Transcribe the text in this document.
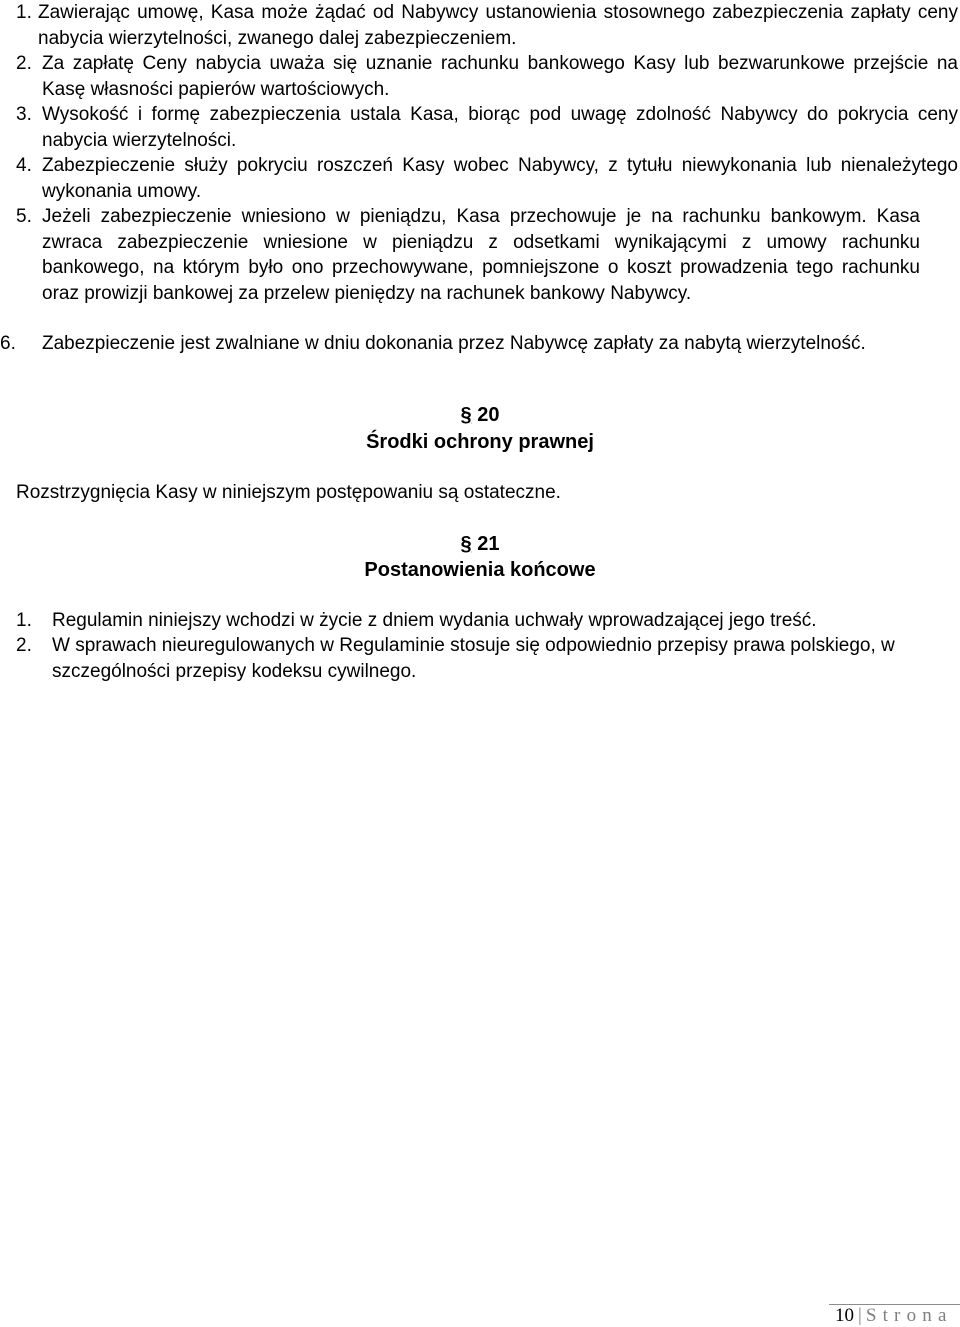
1. Zawierając umowę, Kasa może żądać od Nabywcy ustanowienia stosownego zabezpieczenia zapłaty ceny nabycia wierzytelności, zwanego dalej zabezpieczeniem.
2. Za zapłatę Ceny nabycia uważa się uznanie rachunku bankowego Kasy lub bezwarunkowe przejście na Kasę własności papierów wartościowych.
3. Wysokość i formę zabezpieczenia ustala Kasa, biorąc pod uwagę zdolność Nabywcy do pokrycia ceny nabycia wierzytelności.
4. Zabezpieczenie służy pokryciu roszczeń Kasy wobec Nabywcy, z tytułu niewykonania lub nienależytego wykonania umowy.
5. Jeżeli zabezpieczenie wniesiono w pieniądzu, Kasa przechowuje je na rachunku bankowym. Kasa zwraca zabezpieczenie wniesione w pieniądzu z odsetkami wynikającymi z umowy rachunku bankowego, na którym było ono przechowywane, pomniejszone o koszt prowadzenia tego rachunku oraz prowizji bankowej za przelew pieniędzy na rachunek bankowy Nabywcy.
6. Zabezpieczenie jest zwalniane w dniu dokonania przez Nabywcę zapłaty za nabytą wierzytelność.
§ 20
Środki ochrony prawnej
Rozstrzygnięcia Kasy w niniejszym postępowaniu są ostateczne.
§ 21
Postanowienia końcowe
1. Regulamin niniejszy wchodzi w życie z dniem wydania uchwały wprowadzającej jego treść.
2. W sprawach nieuregulowanych w Regulaminie stosuje się odpowiednio przepisy prawa polskiego, w szczególności przepisy kodeksu cywilnego.
10 | Strona
